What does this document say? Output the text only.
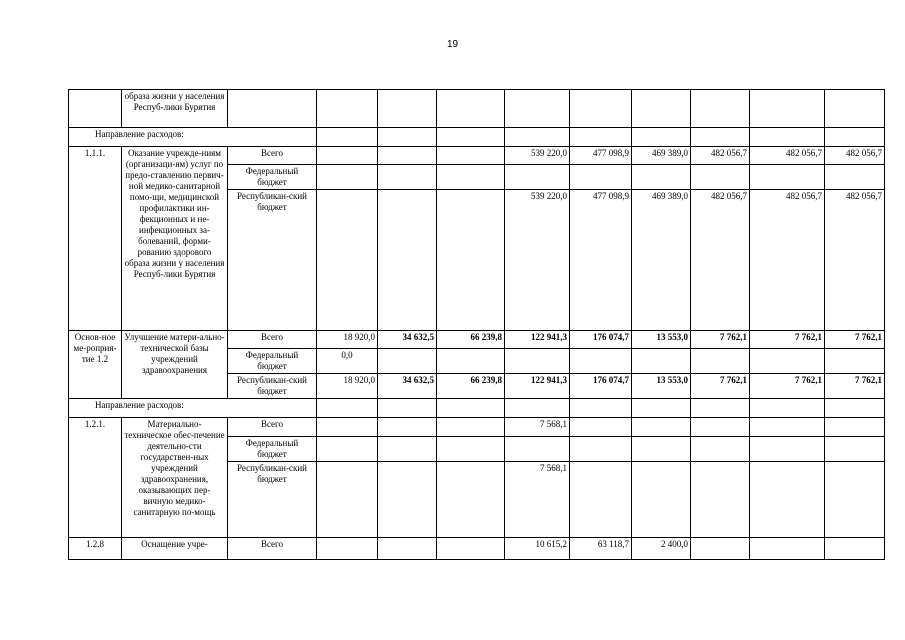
19
	образа жизни у населения Респуб-лики Бурятия										
Направление расходов:											
1.1.1.	Оказание учрежде-ниям (организаци-ям) услуг по предо-ставлению первич-ной медико-санитарной помо-щи, медицинской профилактики ин-фекционных и не-инфекционных за-болеваний, форми-рованию здорового образа жизни у населения Респуб-лики Бурятия	Всего				539 220,0	477 098,9	469 389,0	482 056,7	482 056,7	482 056,7
		Федеральный бюджет									
		Республикан-ский бюджет				539 220,0	477 098,9	469 389,0	482 056,7	482 056,7	482 056,7
Основ-ное ме-роприя-тие 1.2	Улучшение матери-ально-технической базы учреждений здравоохранения	Всего	18 920,0	34 632,5	66 239,8	122 941,3	176 074,7	13 553,0	7 762,1	7 762,1	7 762,1
		Федеральный бюджет	0,0								
		Республикан-ский бюджет	18 920,0	34 632,5	66 239,8	122 941,3	176 074,7	13 553,0	7 762,1	7 762,1	7 762,1
Направление расходов:											
1.2.1.	Материально-техническое обес-печение деятельно-сти государствен-ных учреждений здравоохранения, оказывающих пер-вичную медико-санитарную по-мощь	Всего				7 568,1					
		Федеральный бюджет									
		Республикан-ский бюджет				7 568,1					
1.2.8	Оснащение учре-	Всего				10 615,2	63 118,7	2 400,0			
